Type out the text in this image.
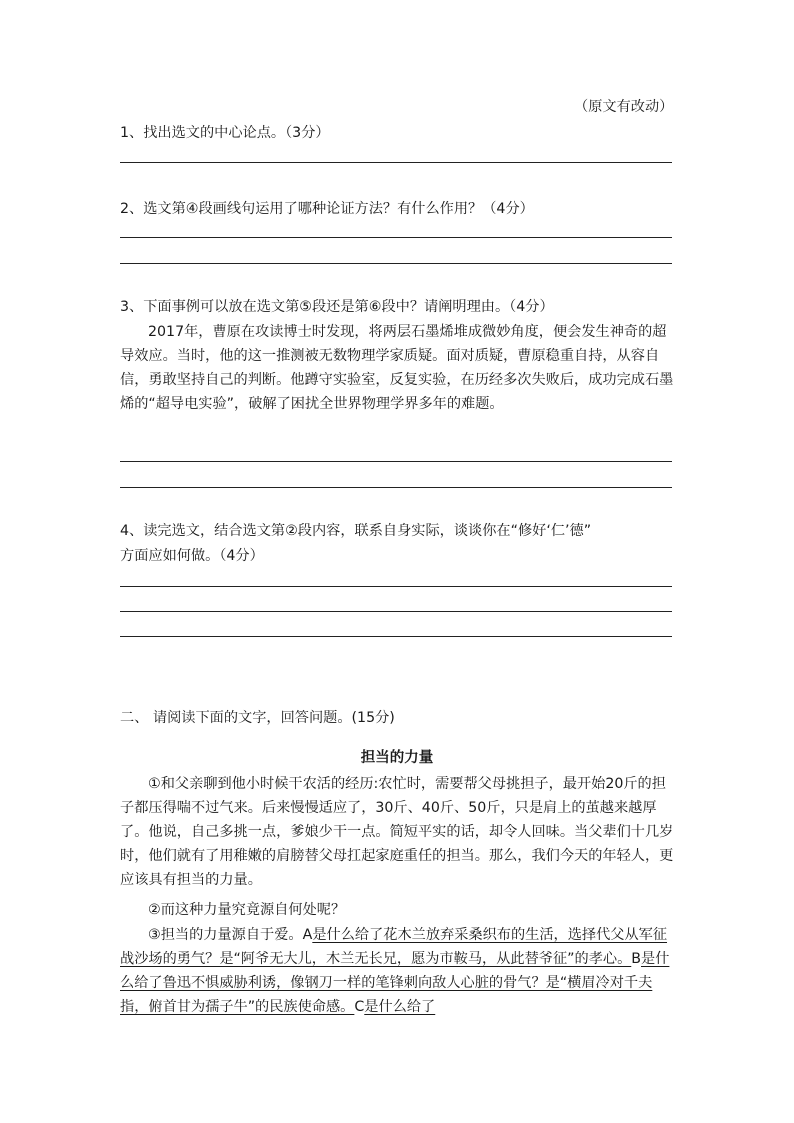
（原文有改动）
1、找出选文的中心论点。（3分）
2、选文第④段画线句运用了哪种论证方法？有什么作用？（4分）
3、下面事例可以放在选文第⑤段还是第⑥段中？请阐明理由。（4分）
2017年，曹原在攻读博士时发现，将两层石墨烯堆成微妙角度，便会发生神奇的超导效应。当时，他的这一推测被无数物理学家质疑。面对质疑，曹原稳重自持，从容自信，勇敢坚持自己的判断。他蹲守实验室，反复实验，在历经多次失败后，成功完成石墨烯的“超导电实验”，破解了困扰全世界物理学界多年的难题。
4、读完选文，结合选文第②段内容，联系自身实际，谈谈你在“修好‘仁’德”
方面应如何做。（4分）
二、 请阅读下面的文字，回答问题。(15分)
担当的力量
①和父亲聊到他小时候干农活的经历:农忙时，需要帮父母挑担子，最开始20斤的担子都压得喘不过气来。后来慢慢适应了，30斤、40斤、50斤，只是肩上的茧越来越厚了。他说，自己多挑一点，爹娘少干一点。简短平实的话，却令人回味。当父辈们十几岁时，他们就有了用稚嫩的肩膀替父母扛起家庭重任的担当。那么，我们今天的年轻人，更应该具有担当的力量。
②而这种力量究竟源自何处呢？
③担当的力量源自于爱。A是什么给了花木兰放弃采桑织布的生活，选择代父从军征战沙场的勇气？是“阿爷无大儿，木兰无长兄，愿为市鞍马，从此替爷征”的孝心。B是什么给了鲁迅不惧威胁利诱，像钢刀一样的笔锋刺向敌人心脏的骨气？是“横眉冷对千夫指，俯首甘为孺子牛”的民族使命感。C是什么给了
